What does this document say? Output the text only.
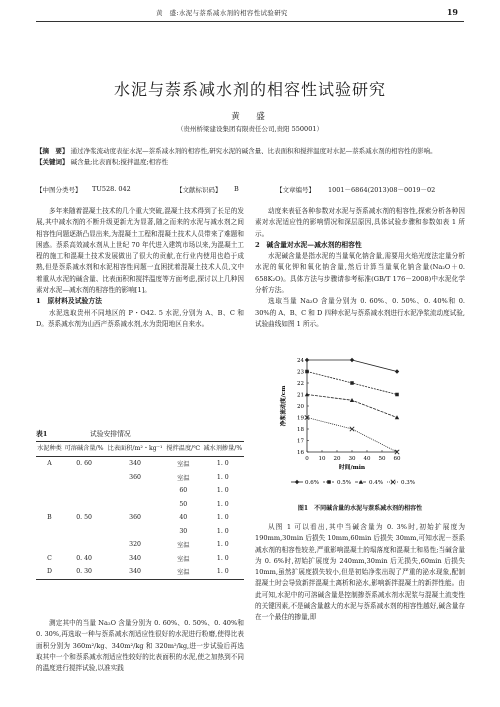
黄　盛:水泥与萘系减水剂的相容性试验研究	19
水泥与萘系减水剂的相容性试验研究
黄　盛
（贵州桥梁建设集团有限责任公司,贵阳 550001）

【摘　要】 通过净浆流动度表征水泥—萘系减水剂的相容性,研究水泥的碱含量、比表面积和搅拌温度对水泥—萘系减水剂的相容性的影响。

【关键词】 碱含量;比表面积;搅拌温度;相容性

【中图分类号】 TU528. 042	【文献标识码】 B	【文章编号】 1001－6864(2013)08－0019－02

多年来随着混凝土技术的几个重大突破,混凝土技术得到了长足的发展,其中减水剂的不断升级更新尤为显著,随之而来的水泥与减水剂之间相容性问题逐渐凸显出来,为混凝土工程和混凝土技术人员带来了难题和困惑。萘系高效减水剂从上世纪 70 年代进入建筑市场以来,为混凝土工程的施工和混凝土技术发展做出了很大的贡献,在行业内使用也趋于成熟,但是萘系减水剂和水泥相容性问题一直困扰着混凝土技术人员,文中着重从水泥的碱含量、比表面积和搅拌温度等方面考虑,探讨以上几种因素对水泥—减水剂的相容性的影响[1]。

1　原材料及试验方法

水泥选取贵州不同地区的 P・O42. 5 水泥,分别为 A、B、C 和 D。萘系减水剂为山西产萘系减水剂,水为贵阳地区自来水。

表1	试验安排情况
水泥种类	可溶碱含量/%	比表面积/m²・kg⁻¹	搅拌温度/℃	减水剂掺量/%
A	0. 60	340	室温	1. 0
		360	室温	1. 0
			60	1. 0
			50	1. 0
B	0. 50	360	40	1. 0
			30	1. 0
		320	室温	1. 0
C	0. 40	340	室温	1. 0
D	0. 30	340	室温	1. 0

测定其中的当量 Na₂O 含量分别为 0. 60%、0. 50%、0. 40%和 0. 30%,再选取一种与萘系减水剂适应性很好的水泥进行粉磨,使得比表面积分别为 360m²/kg、340m²/kg 和 320m²/kg,进一步试验后再选取其中一个和萘系减水剂适应性较好的比表面积的水泥,使之加热到不同的温度进行搅拌试验,以准实践

动度来表征各种参数对水泥与萘系减水剂的相容性,探索分析各种因素对水泥适应性的影响情况和深层原因,具体试验步骤和参数如表 1 所示。

2　碱含量对水泥—减水剂的相容性

水泥碱含量是指水泥的当量氧化钠含量,需要用火焰光度法定量分析水泥的氧化钾和氧化钠含量,然后计算当量氧化钠含量(Na₂O＋0. 658K₂O)。具体方法与步骤请参考标准(GB/T 176－2008)中水泥化学分析方法。

选取当量 Na₂O 含量分别为 0. 60%、0. 50%、0. 40%和 0. 30%的 A、B、C 和 D 四种水泥与萘系减水剂进行水泥净浆流动度试验,试验曲线如图 1 所示。

16
17
18
19
20
21
22
23
24
0 10 20 30 40 50 60
时间/min
净浆流动度/cm
0.6%	0.5%	0.4%	0.3%
图1　不同碱含量的水泥与萘系减水剂的相容性

从图 1 可以看出,其中当碱含量为 0. 3%时,初始扩展度为 190mm,30min 后损失 10mm,60min 后损失 30mm,可知水泥－萘系减水剂的相容性较差,严重影响混凝土的塌落度和混凝土和易性;当碱含量为 0. 6%时,初始扩展度为 240mm,30min 后无损失,60min 后损失 10mm,虽然扩展度损失较小,但是初始净浆出现了严重的泌水现象,配制混凝土时会导致新拌混凝土离析和泌水,影响新拌混凝土的新拌性能。由此可知,水泥中的可溶碱含量是控制掺萘系减水剂水泥浆与混凝土流变性的关键因素,不是碱含量越大的水泥与萘系减水剂的相容性越好,碱含量存在一个最佳的掺量,即
